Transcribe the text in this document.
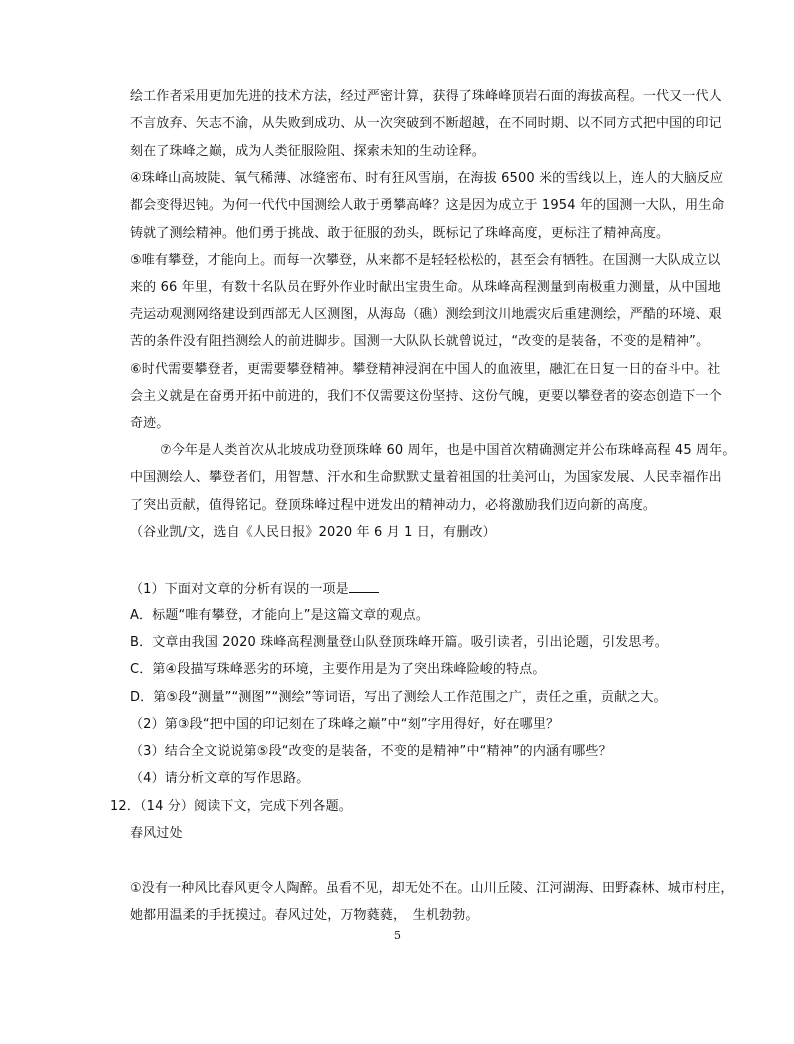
绘工作者采用更加先进的技术方法，经过严密计算，获得了珠峰峰顶岩石面的海拔高程。一代又一代人
不言放弃、矢志不渝，从失败到成功、从一次突破到不断超越，在不同时期、以不同方式把中国的印记
刻在了珠峰之巅，成为人类征服险阻、探索未知的生动诠释。
④珠峰山高坡陡、氧气稀薄、冰缝密布、时有狂风雪崩，在海拔 6500 米的雪线以上，连人的大脑反应
都会变得迟钝。为何一代代中国测绘人敢于勇攀高峰？这是因为成立于 1954 年的国测一大队，用生命
铸就了测绘精神。他们勇于挑战、敢于征服的劲头，既标记了珠峰高度，更标注了精神高度。
⑤唯有攀登，才能向上。而每一次攀登，从来都不是轻轻松松的，甚至会有牺牲。在国测一大队成立以
来的 66 年里，有数十名队员在野外作业时献出宝贵生命。从珠峰高程测量到南极重力测量，从中国地
壳运动观测网络建设到西部无人区测图，从海岛（礁）测绘到汶川地震灾后重建测绘，严酷的环境、艰
苦的条件没有阻挡测绘人的前进脚步。国测一大队队长就曾说过，“改变的是装备，不变的是精神”。
⑥时代需要攀登者，更需要攀登精神。攀登精神浸润在中国人的血液里，融汇在日复一日的奋斗中。社
会主义就是在奋勇开拓中前进的，我们不仅需要这份坚持、这份气魄，更要以攀登者的姿态创造下一个
奇迹。
⑦今年是人类首次从北坡成功登顶珠峰 60 周年，也是中国首次精确测定并公布珠峰高程 45 周年。
中国测绘人、攀登者们，用智慧、汗水和生命默默丈量着祖国的壮美河山，为国家发展、人民幸福作出
了突出贡献，值得铭记。登顶珠峰过程中迸发出的精神动力，必将激励我们迈向新的高度。
（谷业凯/文，选自《人民日报》2020 年 6 月 1 日，有删改）
（1）下面对文章的分析有误的一项是
A．标题“唯有攀登，才能向上”是这篇文章的观点。
B．文章由我国 2020 珠峰高程测量登山队登顶珠峰开篇。吸引读者，引出论题，引发思考。
C．第④段描写珠峰恶劣的环境，主要作用是为了突出珠峰险峻的特点。
D．第⑤段“测量”“测图”“测绘”等词语，写出了测绘人工作范围之广，责任之重，贡献之大。
（2）第③段“把中国的印记刻在了珠峰之巅”中“刻”字用得好，好在哪里？
（3）结合全文说说第⑤段“改变的是装备，不变的是精神”中“精神”的内涵有哪些？
（4）请分析文章的写作思路。
12．（14 分）阅读下文，完成下列各题。
春风过处
①没有一种风比春风更令人陶醉。虽看不见，却无处不在。山川丘陵、江河湖海、田野森林、城市村庄，
她都用温柔的手抚摸过。春风过处，万物蕤蕤，　生机勃勃。
5
